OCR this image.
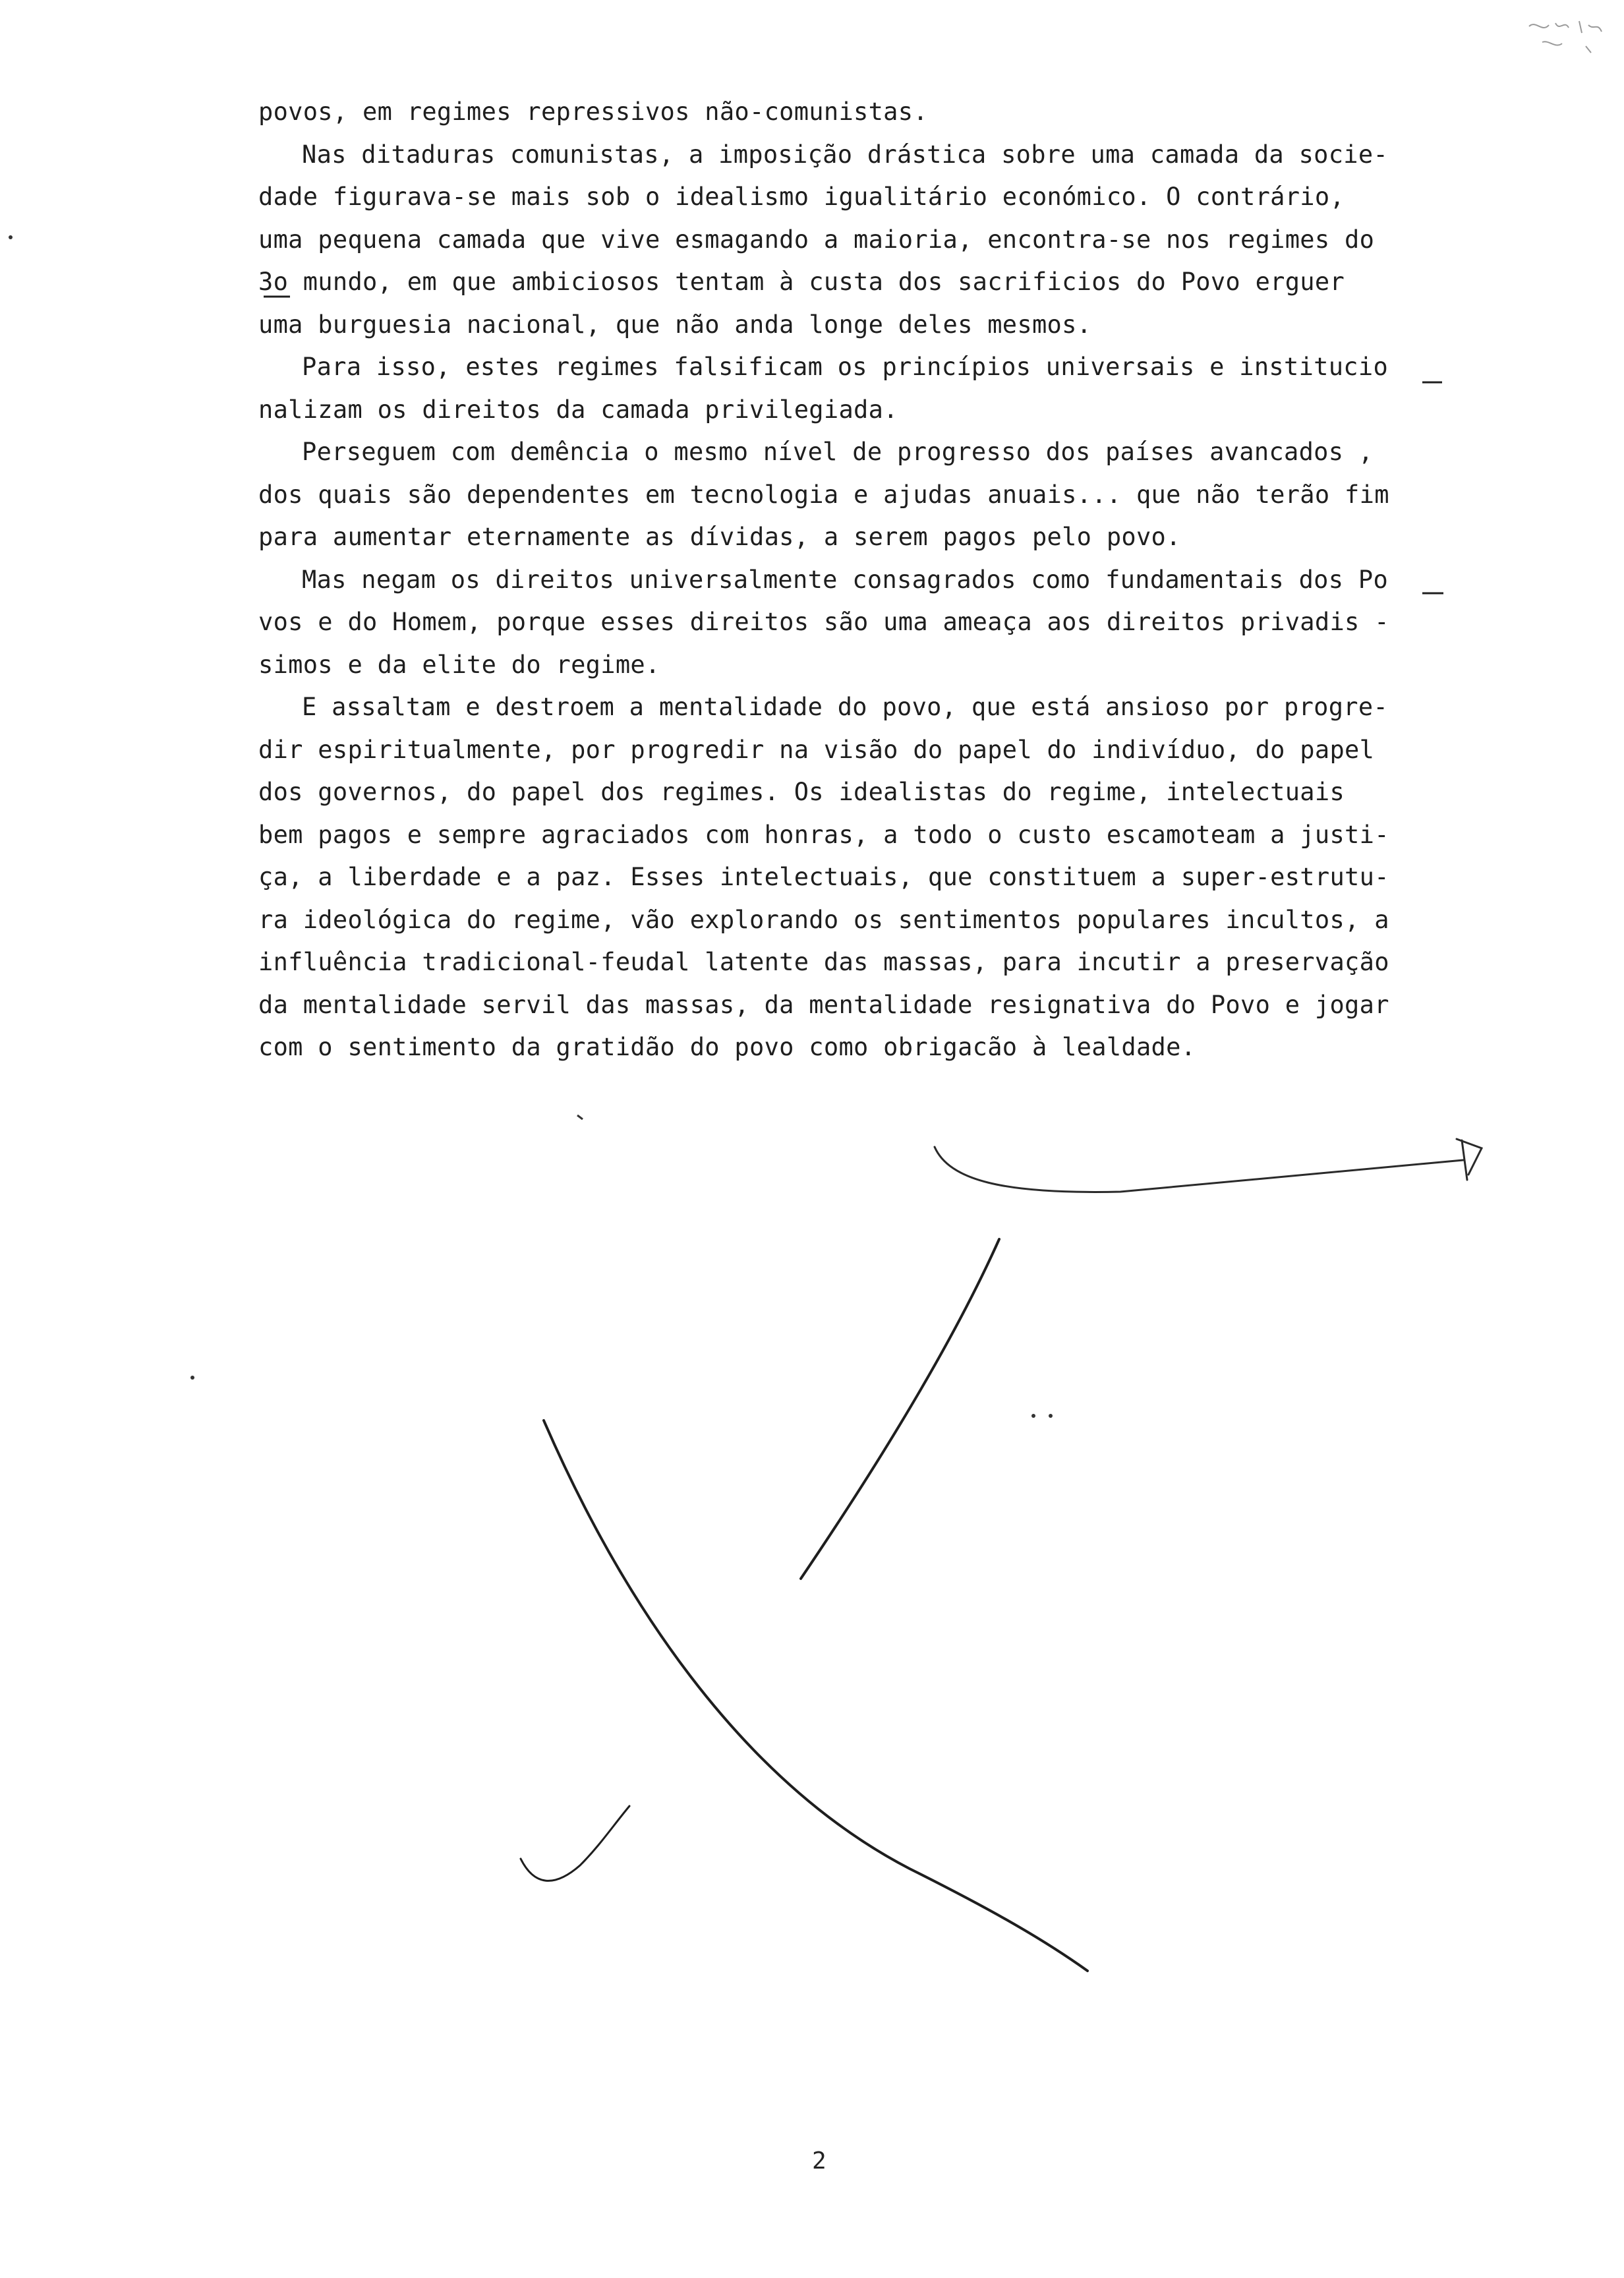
povos, em regimes repressivos não-comunistas.
Nas ditaduras comunistas, a imposição drástica sobre uma camada da socie-
dade figurava-se mais sob o idealismo igualitário económico. O contrário,
uma pequena camada que vive esmagando a maioria, encontra-se nos regimes do
3o mundo, em que ambiciosos tentam à custa dos sacrificios do Povo erguer
uma burguesia nacional, que não anda longe deles mesmos.
Para isso, estes regimes falsificam os princípios universais e institucio
nalizam os direitos da camada privilegiada.
Perseguem com demência o mesmo nível de progresso dos países avancados ,
dos quais são dependentes em tecnologia e ajudas anuais... que não terão fim
para aumentar eternamente as dívidas, a serem pagos pelo povo.
Mas negam os direitos universalmente consagrados como fundamentais dos Po
vos e do Homem, porque esses direitos são uma ameaça aos direitos privadis -
simos e da elite do regime.
E assaltam e destroem a mentalidade do povo, que está ansioso por progre-
dir espiritualmente, por progredir na visão do papel do indivíduo, do papel
dos governos, do papel dos regimes. Os idealistas do regime, intelectuais
bem pagos e sempre agraciados com honras, a todo o custo escamoteam a justi-
ça, a liberdade e a paz. Esses intelectuais, que constituem a super-estrutu-
ra ideológica do regime, vão explorando os sentimentos populares incultos, a
influência tradicional-feudal latente das massas, para incutir a preservação
da mentalidade servil das massas, da mentalidade resignativa do Povo e jogar
com o sentimento da gratidão do povo como obrigacão à lealdade.
2
